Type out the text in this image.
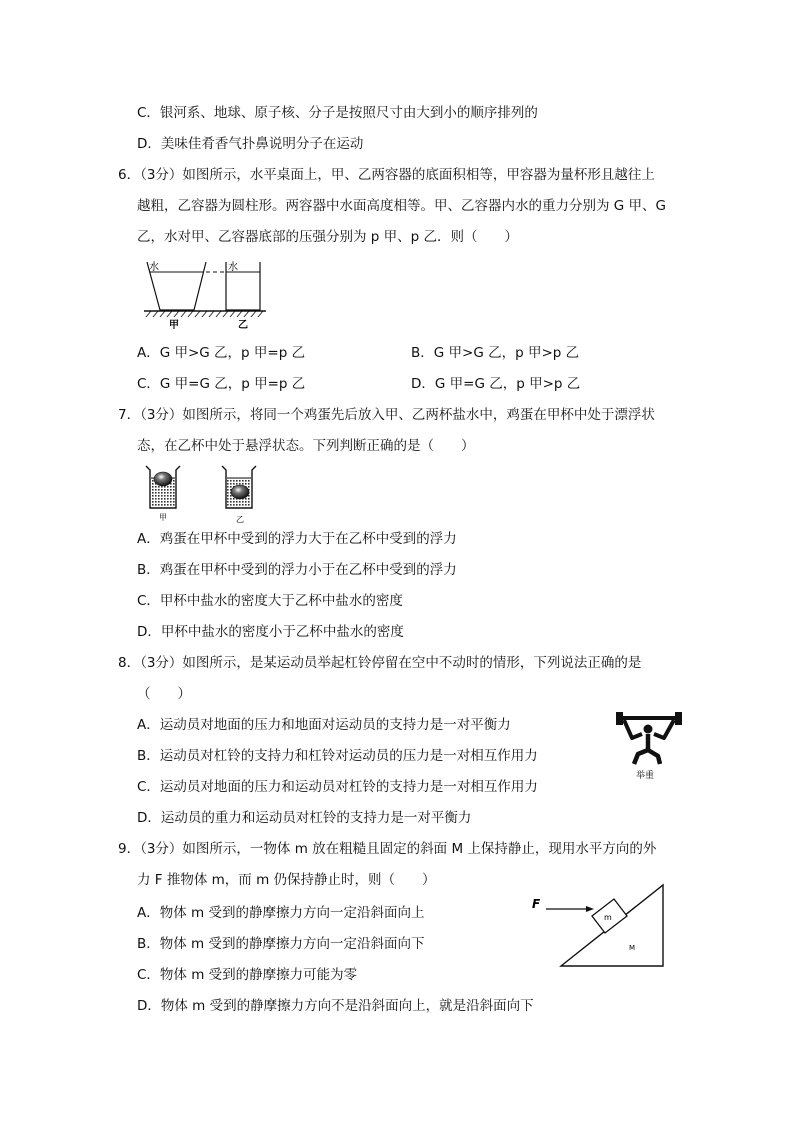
C．银河系、地球、原子核、分子是按照尺寸由大到小的顺序排列的
D．美味佳肴香气扑鼻说明分子在运动
6．（3分）如图所示，水平桌面上，甲、乙两容器的底面积相等，甲容器为量杯形且越往上
越粗，乙容器为圆柱形。两容器中水面高度相等。甲、乙容器内水的重力分别为 G 甲、G
乙，水对甲、乙容器底部的压强分别为 p 甲、p 乙．则（　　）
水	水
甲	乙
A．G 甲>G 乙，p 甲=p 乙	B．G 甲>G 乙，p 甲>p 乙
C．G 甲=G 乙，p 甲=p 乙	D．G 甲=G 乙，p 甲>p 乙
7．（3分）如图所示，将同一个鸡蛋先后放入甲、乙两杯盐水中，鸡蛋在甲杯中处于漂浮状
态，在乙杯中处于悬浮状态。下列判断正确的是（　　）
甲	乙
A．鸡蛋在甲杯中受到的浮力大于在乙杯中受到的浮力
B．鸡蛋在甲杯中受到的浮力小于在乙杯中受到的浮力
C．甲杯中盐水的密度大于乙杯中盐水的密度
D．甲杯中盐水的密度小于乙杯中盐水的密度
8．（3分）如图所示，是某运动员举起杠铃停留在空中不动时的情形，下列说法正确的是
（　　）
举重
A．运动员对地面的压力和地面对运动员的支持力是一对平衡力
B．运动员对杠铃的支持力和杠铃对运动员的压力是一对相互作用力
C．运动员对地面的压力和运动员对杠铃的支持力是一对相互作用力
D．运动员的重力和运动员对杠铃的支持力是一对平衡力
9．（3分）如图所示，一物体 m 放在粗糙且固定的斜面 M 上保持静止，现用水平方向的外
力 F 推物体 m，而 m 仍保持静止时，则（　　）
F
m
M
A．物体 m 受到的静摩擦力方向一定沿斜面向上
B．物体 m 受到的静摩擦力方向一定沿斜面向下
C．物体 m 受到的静摩擦力可能为零
D．物体 m 受到的静摩擦力方向不是沿斜面向上，就是沿斜面向下
